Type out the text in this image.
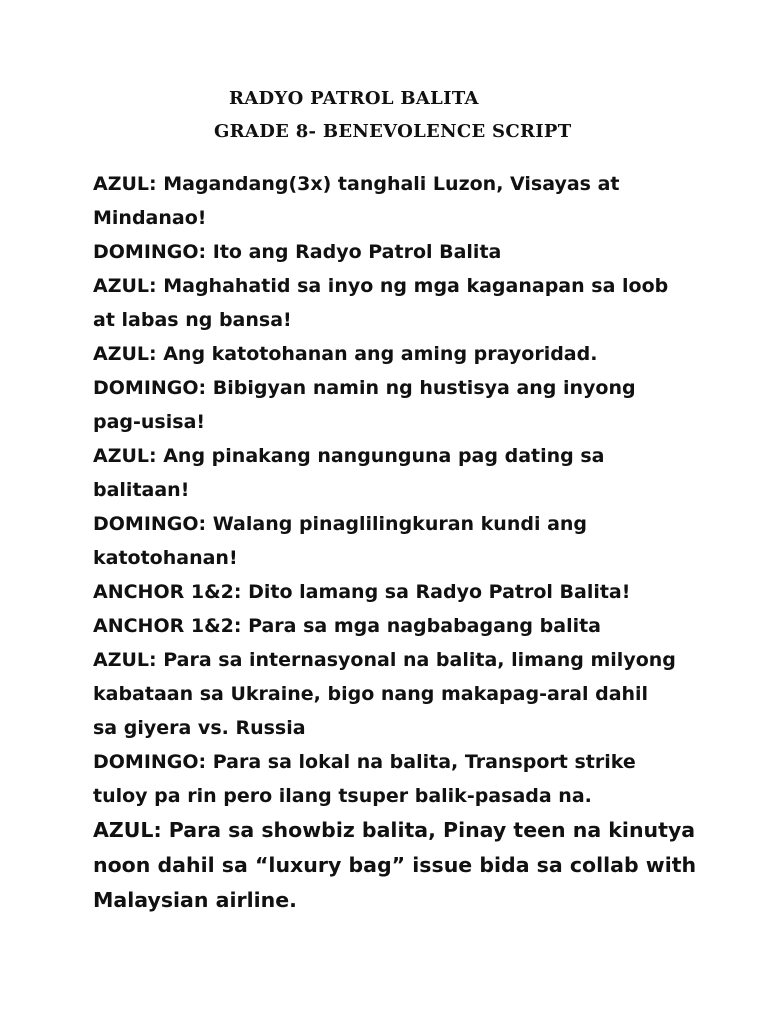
RADYO PATROL BALITA
GRADE 8- BENEVOLENCE SCRIPT

AZUL: Magandang(3x) tanghali Luzon, Visayas at

Mindanao!

DOMINGO: Ito ang Radyo Patrol Balita

AZUL: Maghahatid sa inyo ng mga kaganapan sa loob

at labas ng bansa!

AZUL: Ang katotohanan ang aming prayoridad.

DOMINGO: Bibigyan namin ng hustisya ang inyong

pag-usisa!

AZUL: Ang pinakang nangunguna pag dating sa

balitaan!

DOMINGO: Walang pinaglilingkuran kundi ang

katotohanan!

ANCHOR 1&2: Dito lamang sa Radyo Patrol Balita!

ANCHOR 1&2: Para sa mga nagbabagang balita

AZUL: Para sa internasyonal na balita, limang milyong

kabataan sa Ukraine, bigo nang makapag-aral dahil

sa giyera vs. Russia

DOMINGO: Para sa lokal na balita, Transport strike

tuloy pa rin pero ilang tsuper balik-pasada na.

AZUL: Para sa showbiz balita, Pinay teen na kinutya

noon dahil sa “luxury bag” issue bida sa collab with

Malaysian airline.
